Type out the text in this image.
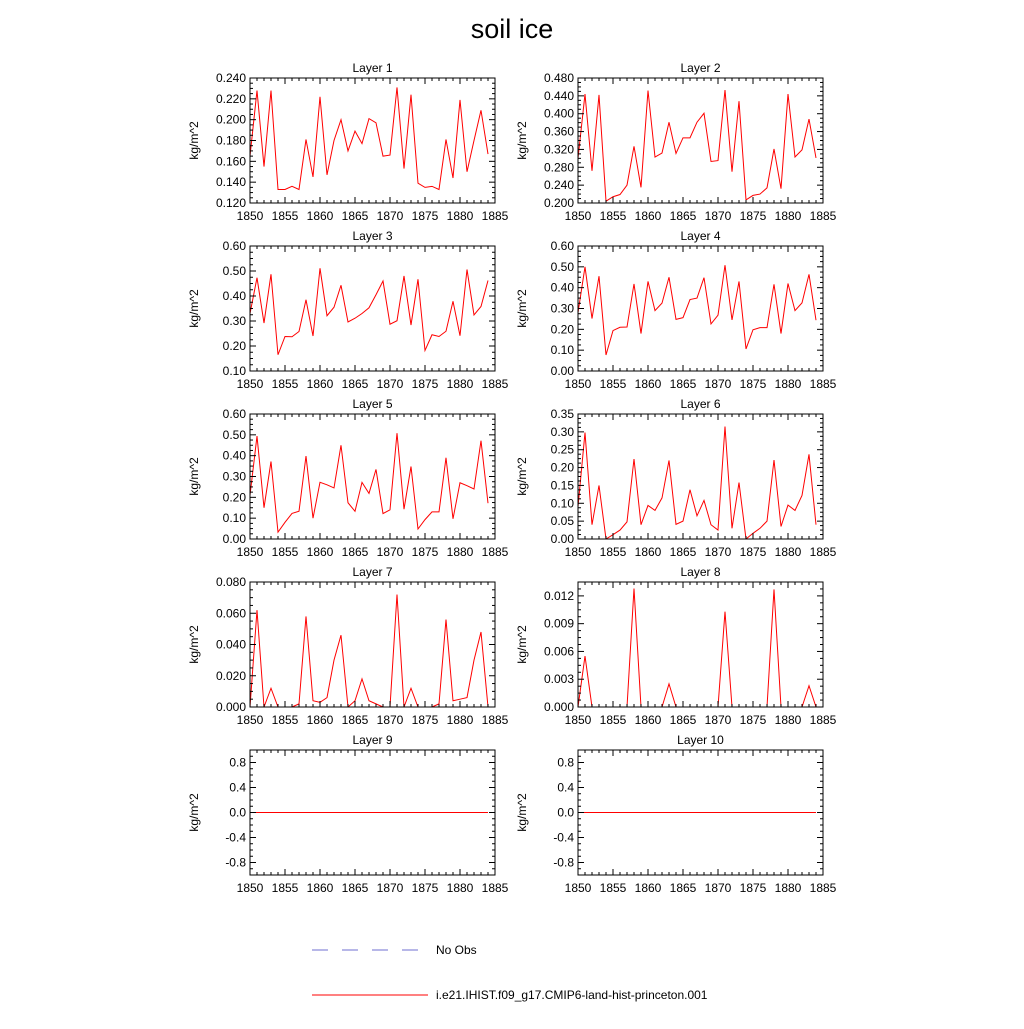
soil ice
Layer 1
kg/m^2
1850 1855 1860 1865 1870 1875 1880 1885
0.120
0.140
0.160
0.180
0.200
0.220
0.240
Layer 2
kg/m^2
1850 1855 1860 1865 1870 1875 1880 1885
0.200
0.240
0.280
0.320
0.360
0.400
0.440
0.480
Layer 3
kg/m^2
1850 1855 1860 1865 1870 1875 1880 1885
0.10
0.20
0.30
0.40
0.50
0.60
Layer 4
kg/m^2
1850 1855 1860 1865 1870 1875 1880 1885
0.00
0.10
0.20
0.30
0.40
0.50
0.60
Layer 5
kg/m^2
1850 1855 1860 1865 1870 1875 1880 1885
0.00
0.10
0.20
0.30
0.40
0.50
0.60
Layer 6
kg/m^2
1850 1855 1860 1865 1870 1875 1880 1885
0.00
0.05
0.10
0.15
0.20
0.25
0.30
0.35
Layer 7
kg/m^2
1850 1855 1860 1865 1870 1875 1880 1885
0.000
0.020
0.040
0.060
0.080
Layer 8
kg/m^2
1850 1855 1860 1865 1870 1875 1880 1885
0.000
0.003
0.006
0.009
0.012
Layer 9
kg/m^2
1850 1855 1860 1865 1870 1875 1880 1885
-0.8
-0.4
0.0
0.4
0.8
Layer 10
kg/m^2
1850 1855 1860 1865 1870 1875 1880 1885
-0.8
-0.4
0.0
0.4
0.8
No Obs
i.e21.IHIST.f09_g17.CMIP6-land-hist-princeton.001
